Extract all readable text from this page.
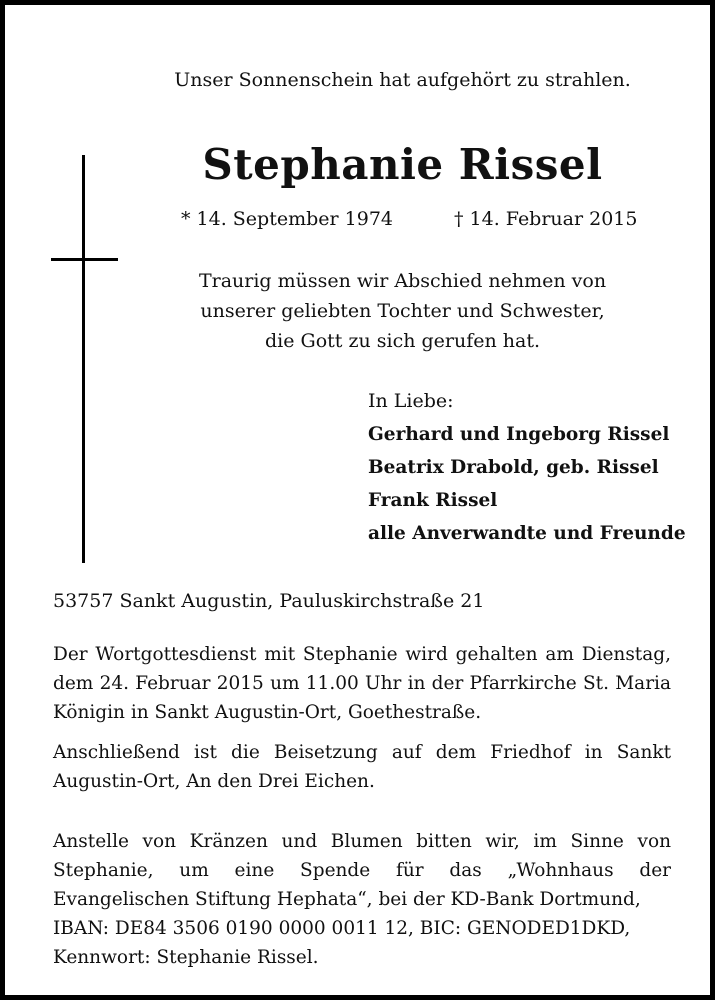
Unser Sonnenschein hat aufgehört zu strahlen.
Stephanie Rissel
* 14. September 1974	† 14. Februar 2015
Traurig müssen wir Abschied nehmen von
unserer geliebten Tochter und Schwester,
die Gott zu sich gerufen hat.
In Liebe:
Gerhard und Ingeborg Rissel
Beatrix Drabold, geb. Rissel
Frank Rissel
alle Anverwandte und Freunde
53757 Sankt Augustin, Pauluskirchstraße 21
Der Wortgottesdienst mit Stephanie wird gehalten am Dienstag, dem 24. Februar 2015 um 11.00 Uhr in der Pfarrkirche St. Maria Königin in Sankt Augustin-Ort, Goethestraße.
Anschließend ist die Beisetzung auf dem Friedhof in Sankt Augustin-Ort, An den Drei Eichen.
Anstelle von Kränzen und Blumen bitten wir, im Sinne von Stephanie, um eine Spende für das „Wohnhaus der Evangelischen Stiftung Hephata“, bei der KD-Bank Dortmund,
IBAN: DE84 3506 0190 0000 0011 12, BIC: GENODED1DKD,
Kennwort: Stephanie Rissel.
